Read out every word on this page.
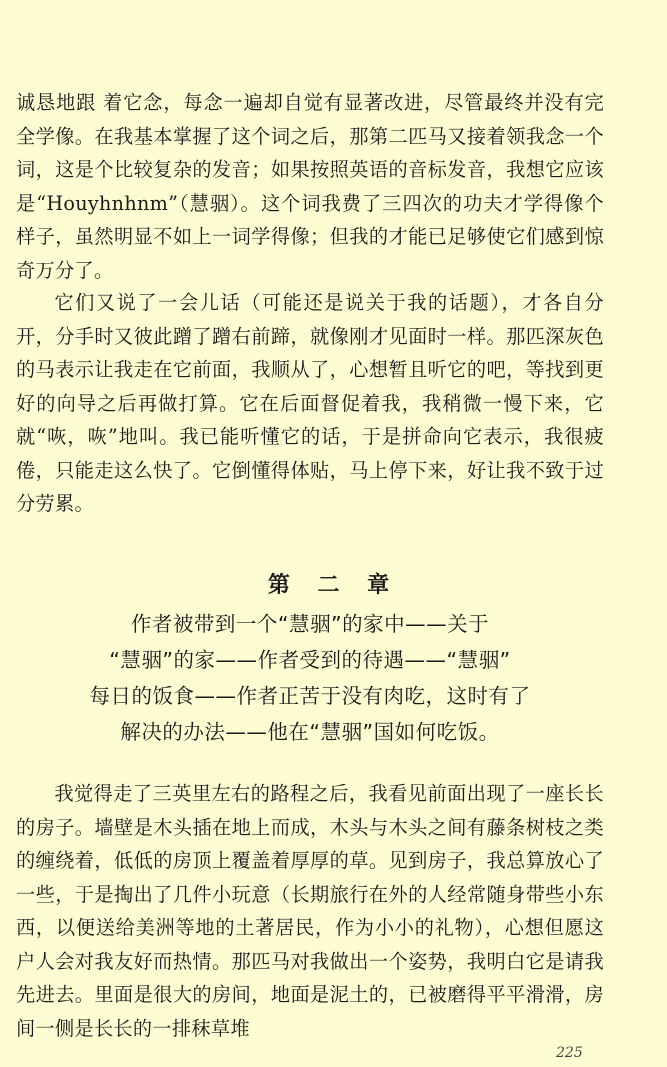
诚恳地跟 着它念，每念一遍却自觉有显著改进，尽管最终并没有完全学像。在我基本掌握了这个词之后，那第二匹马又接着领我念一个词，这是个比较复杂的发音；如果按照英语的音标发音，我想它应该是“Houyhnhnm”（慧骃）。这个词我费了三四次的功夫才学得像个样子，虽然明显不如上一词学得像；但我的才能已足够使它们感到惊奇万分了。

它们又说了一会儿话（可能还是说关于我的话题），才各自分开，分手时又彼此蹭了蹭右前蹄，就像刚才见面时一样。那匹深灰色的马表示让我走在它前面，我顺从了，心想暂且听它的吧，等找到更好的向导之后再做打算。它在后面督促着我，我稍微一慢下来，它就“咴，咴”地叫。我已能听懂它的话，于是拼命向它表示，我很疲倦，只能走这么快了。它倒懂得体贴，马上停下来，好让我不致于过分劳累。

第 二 章
作者被带到一个“慧骃”的家中——关于
“慧骃”的家——作者受到的待遇——“慧骃”
每日的饭食——作者正苦于没有肉吃，这时有了
解决的办法——他在“慧骃”国如何吃饭。

我觉得走了三英里左右的路程之后，我看见前面出现了一座长长的房子。墙壁是木头插在地上而成，木头与木头之间有藤条树枝之类的缠绕着，低低的房顶上覆盖着厚厚的草。见到房子，我总算放心了一些，于是掏出了几件小玩意（长期旅行在外的人经常随身带些小东西，以便送给美洲等地的土著居民，作为小小的礼物），心想但愿这户人会对我友好而热情。那匹马对我做出一个姿势，我明白它是请我先进去。里面是很大的房间，地面是泥土的，已被磨得平平滑滑，房间一侧是长长的一排秣草堆

225
